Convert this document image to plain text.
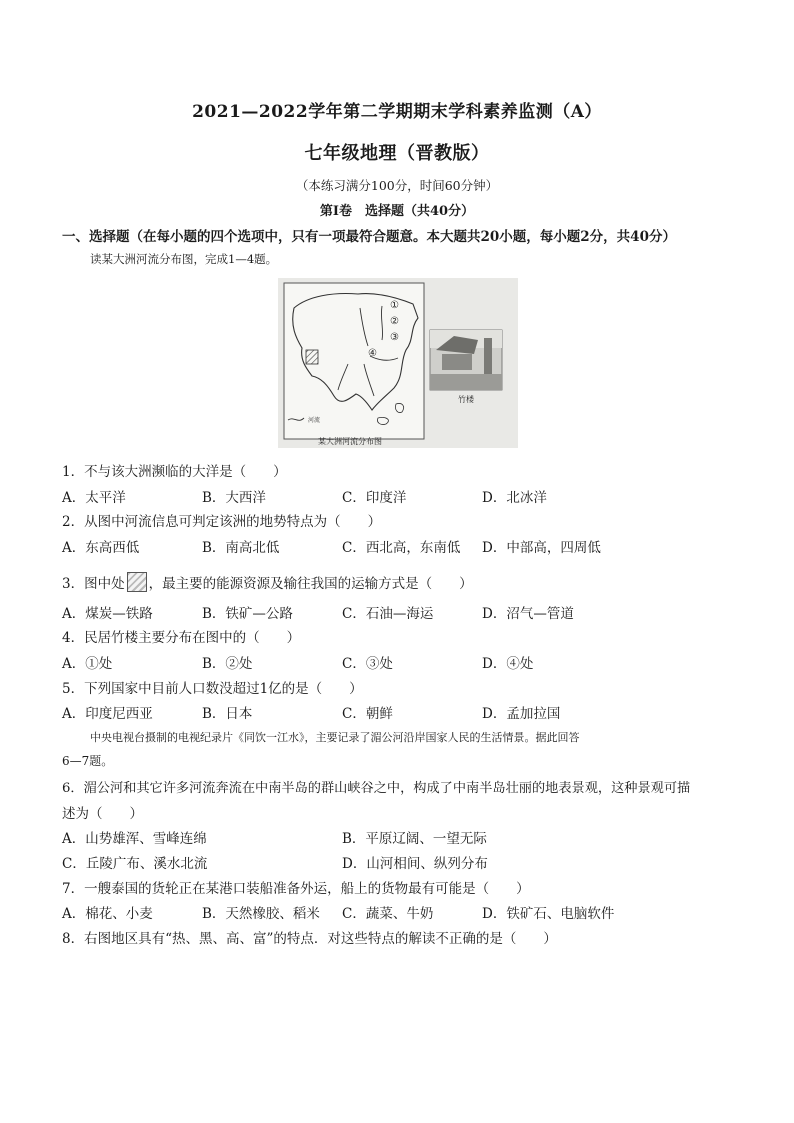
2021—2022学年第二学期期末学科素养监测（A）
七年级地理（晋教版）
（本练习满分100分，时间60分钟）
第Ⅰ卷　选择题（共40分）
一、选择题（在每小题的四个选项中，只有一项最符合题意。本大题共20小题，每小题2分，共40分）
读某大洲河流分布图，完成1—4题。
①
②
③
④
河流
某大洲河流分布图
竹楼
1．不与该大洲濒临的大洋是（　　）
A．太平洋	B．大西洋	C．印度洋	D．北冰洋
2．从图中河流信息可判定该洲的地势特点为（　　）
A．东高西低	B．南高北低	C．西北高，东南低 D．中部高，四周低
3．图中处 ，最主要的能源资源及输往我国的运输方式是（　　）
A．煤炭—铁路	B．铁矿—公路	C．石油—海运	D．沼气—管道
4．民居竹楼主要分布在图中的（　　）
A．①处	B．②处	C．③处	D．④处
5．下列国家中目前人口数没超过1亿的是（　　）
A．印度尼西亚	B．日本	C．朝鲜	D．孟加拉国
中央电视台摄制的电视纪录片《同饮一江水》，主要记录了湄公河沿岸国家人民的生活情景。据此回答
6—7题。
6．湄公河和其它许多河流奔流在中南半岛的群山峡谷之中，构成了中南半岛壮丽的地表景观，这种景观可描
述为（　　）
A．山势雄浑、雪峰连绵	B．平原辽阔、一望无际
C．丘陵广布、溪水北流	D．山河相间、纵列分布
7．一艘泰国的货轮正在某港口装船准备外运，船上的货物最有可能是（　　）
A．棉花、小麦	B．天然橡胶、稻米 C．蔬菜、牛奶	D．铁矿石、电脑软件
8．右图地区具有“热、黑、高、富”的特点．对这些特点的解读不正确的是（　　）
